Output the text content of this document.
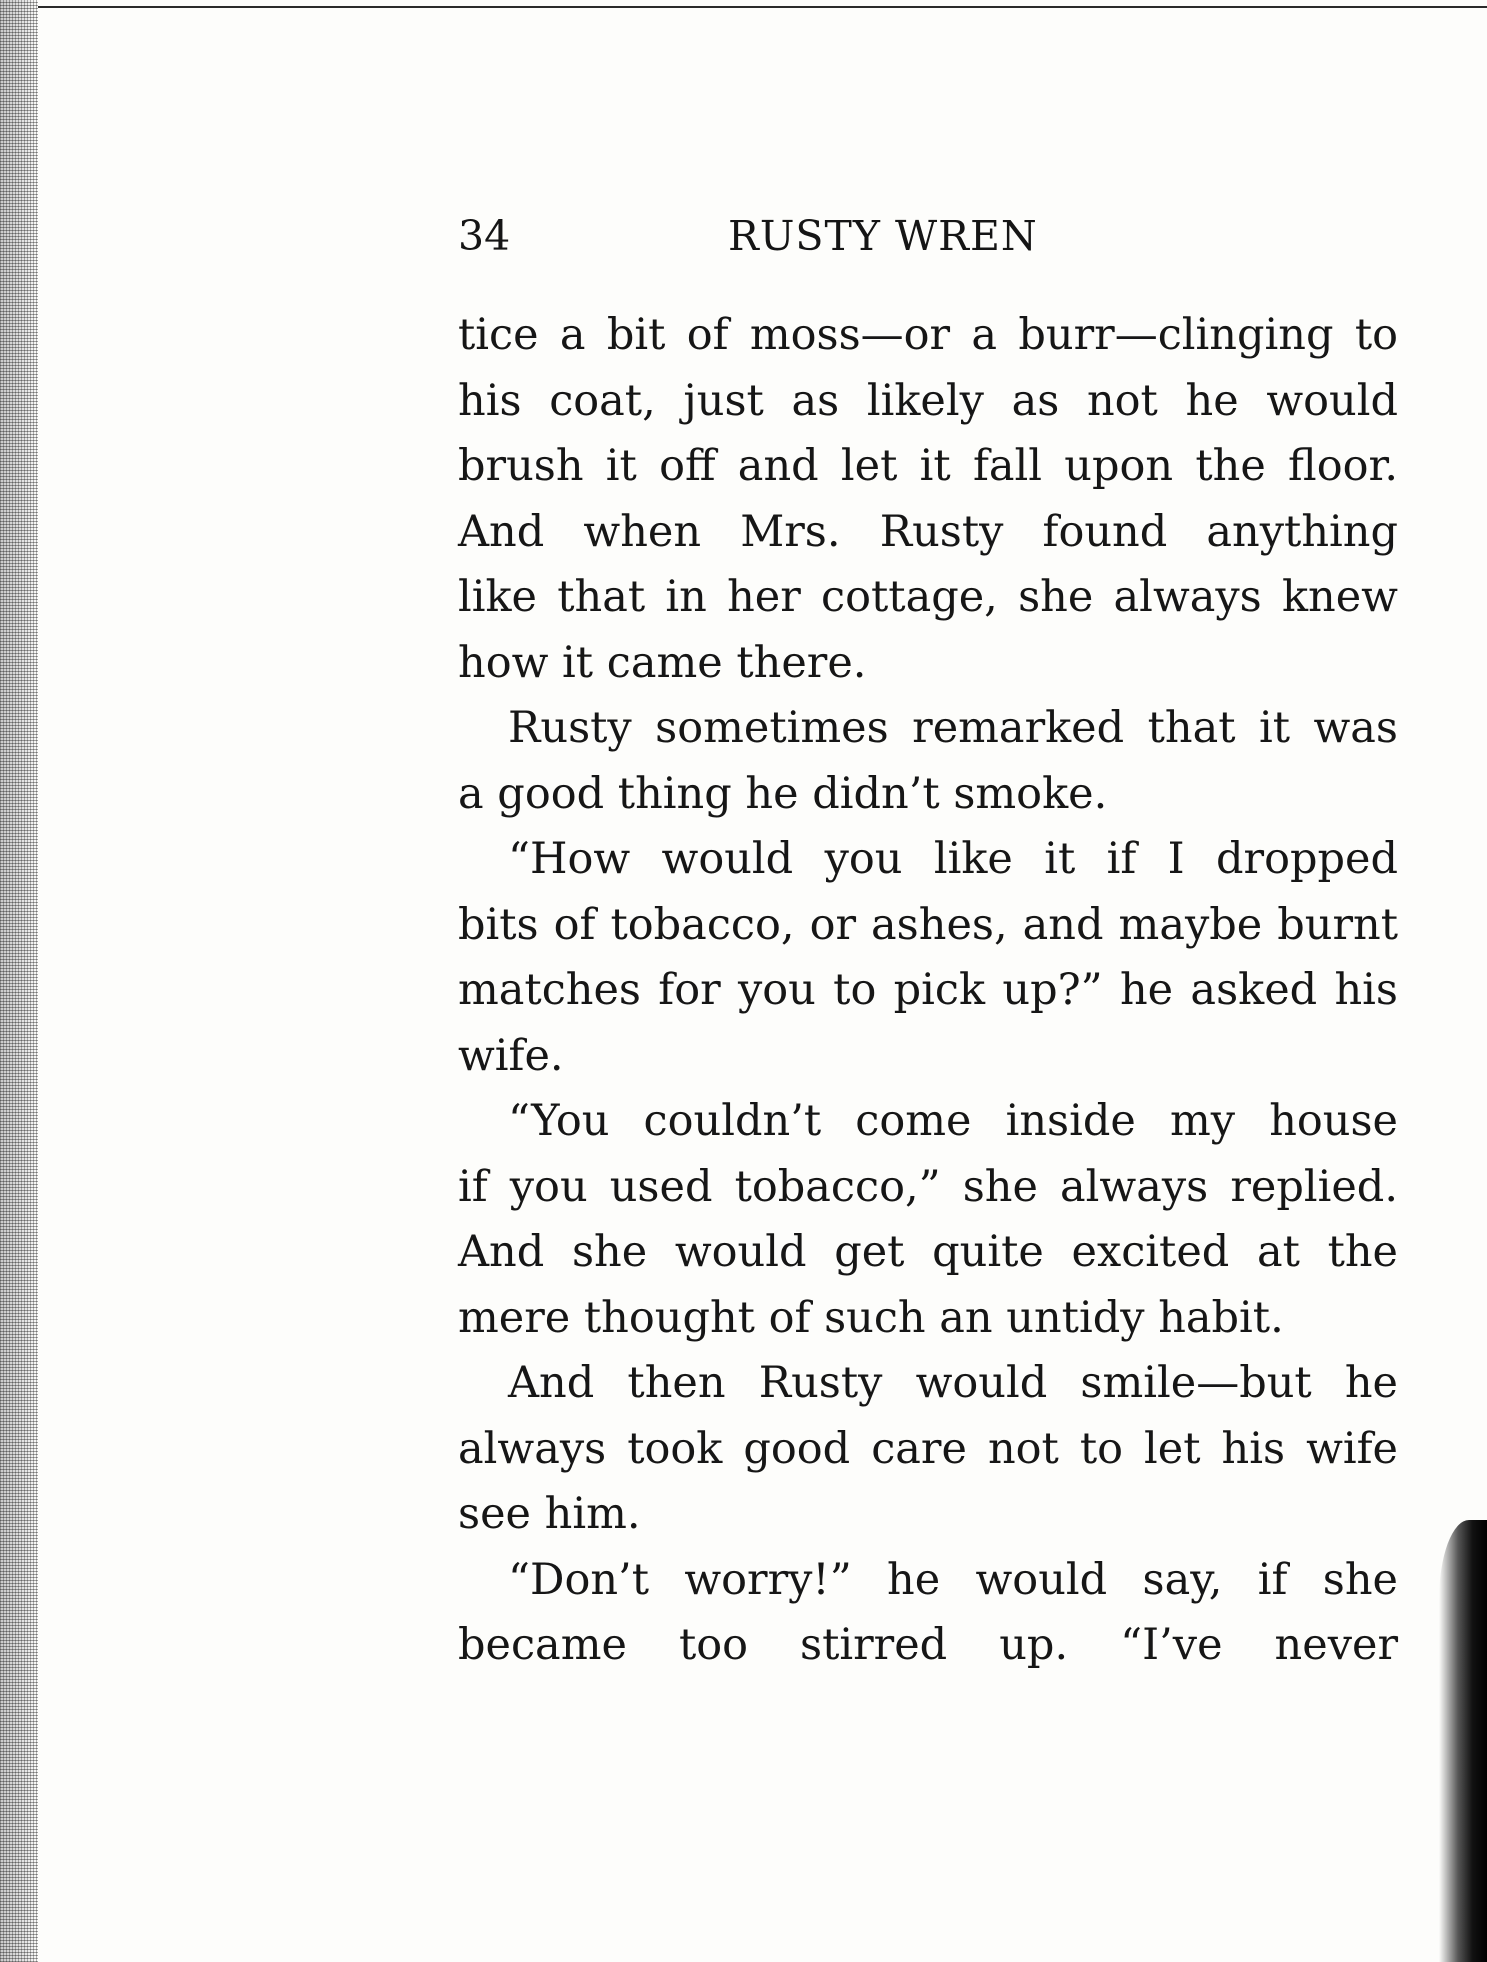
34	RUSTY WREN
tice a bit of moss—or a burr—clinging to
his coat, just as likely as not he would
brush it off and let it fall upon the floor.
And when Mrs. Rusty found anything
like that in her cottage, she always knew
how it came there.
Rusty sometimes remarked that it was
a good thing he didn’t smoke.
“How would you like it if I dropped
bits of tobacco, or ashes, and maybe burnt
matches for you to pick up?” he asked his
wife.
“You couldn’t come inside my house
if you used tobacco,” she always replied.
And she would get quite excited at the
mere thought of such an untidy habit.
And then Rusty would smile—but he
always took good care not to let his wife
see him.
“Don’t worry!” he would say, if she
became too stirred up. “I’ve never
